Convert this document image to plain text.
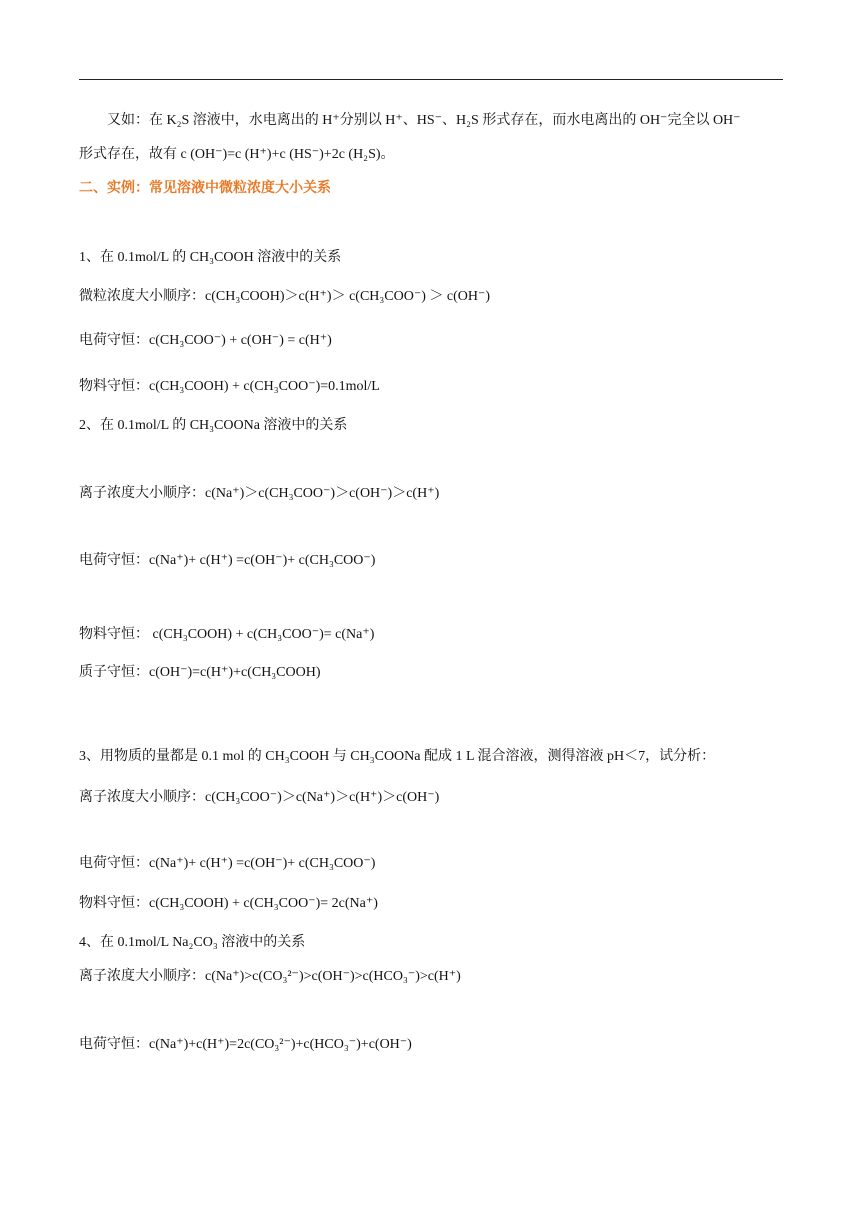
又如：在 K₂S 溶液中，水电离出的 H⁺分别以 H⁺、HS⁻、H₂S 形式存在，而水电离出的 OH⁻完全以 OH⁻
形式存在，故有 c (OH⁻)=c (H⁺)+c (HS⁻)+2c (H₂S)。
二、实例：常见溶液中微粒浓度大小关系
1、在 0.1mol/L 的 CH₃COOH 溶液中的关系
微粒浓度大小顺序：c(CH₃COOH)＞c(H⁺)＞ c(CH₃COO⁻) ＞ c(OH⁻)
电荷守恒：c(CH₃COO⁻) + c(OH⁻) = c(H⁺)
物料守恒：c(CH₃COOH) + c(CH₃COO⁻)=0.1mol/L
2、在 0.1mol/L 的 CH₃COONa 溶液中的关系
离子浓度大小顺序：c(Na⁺)＞c(CH₃COO⁻)＞c(OH⁻)＞c(H⁺)
电荷守恒：c(Na⁺)+ c(H⁺) =c(OH⁻)+ c(CH₃COO⁻)
物料守恒： c(CH₃COOH) + c(CH₃COO⁻)= c(Na⁺)
质子守恒：c(OH⁻)=c(H⁺)+c(CH₃COOH)
3、用物质的量都是 0.1 mol 的 CH₃COOH 与 CH₃COONa 配成 1 L 混合溶液，测得溶液 pH＜7，试分析：
离子浓度大小顺序：c(CH₃COO⁻)＞c(Na⁺)＞c(H⁺)＞c(OH⁻)
电荷守恒：c(Na⁺)+ c(H⁺) =c(OH⁻)+ c(CH₃COO⁻)
物料守恒：c(CH₃COOH) + c(CH₃COO⁻)= 2c(Na⁺)
4、在 0.1mol/L Na₂CO₃ 溶液中的关系
离子浓度大小顺序：c(Na⁺)>c(CO₃²⁻)>c(OH⁻)>c(HCO₃⁻)>c(H⁺)
电荷守恒：c(Na⁺)+c(H⁺)=2c(CO₃²⁻)+c(HCO₃⁻)+c(OH⁻)
